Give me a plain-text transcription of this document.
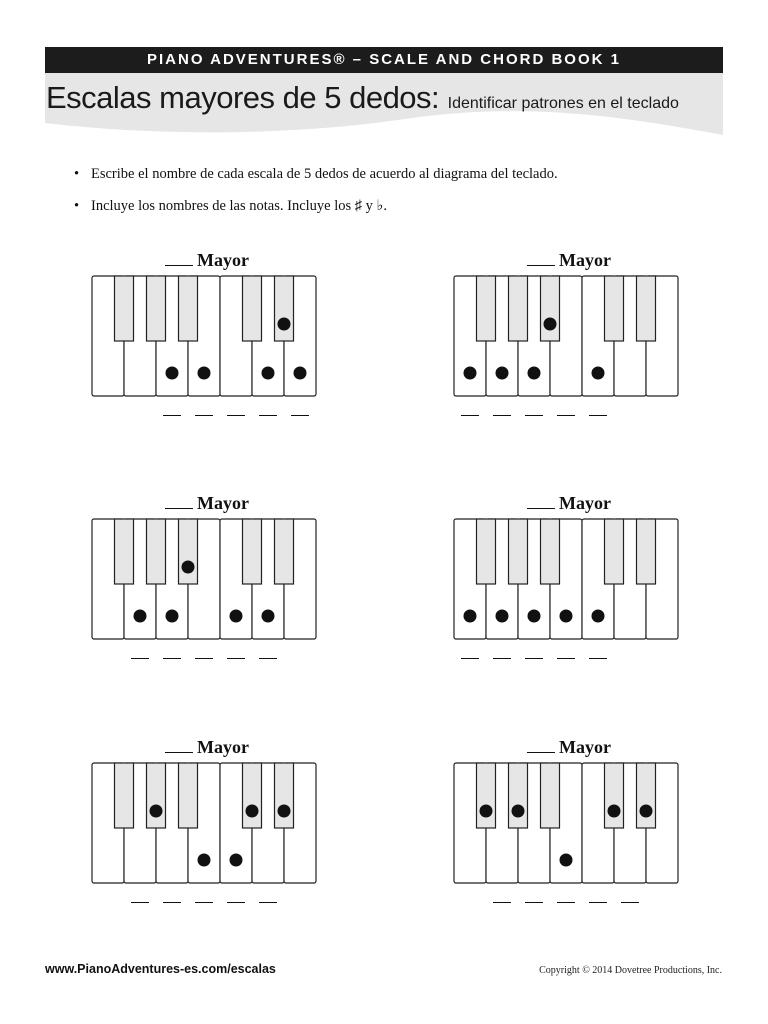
PIANO ADVENTURES® – SCALE AND CHORD BOOK 1
Escalas mayores de 5 dedos: Identificar patrones en el teclado
• Escribe el nombre de cada escala de 5 dedos de acuerdo al diagrama del teclado.
• Incluye los nombres de las notas. Incluye los ♯ y ♭.
Mayor	Mayor
Mayor	Mayor
Mayor	Mayor
www.PianoAdventures-es.com/escalas	Copyright © 2014 Dovetree Productions, Inc.
